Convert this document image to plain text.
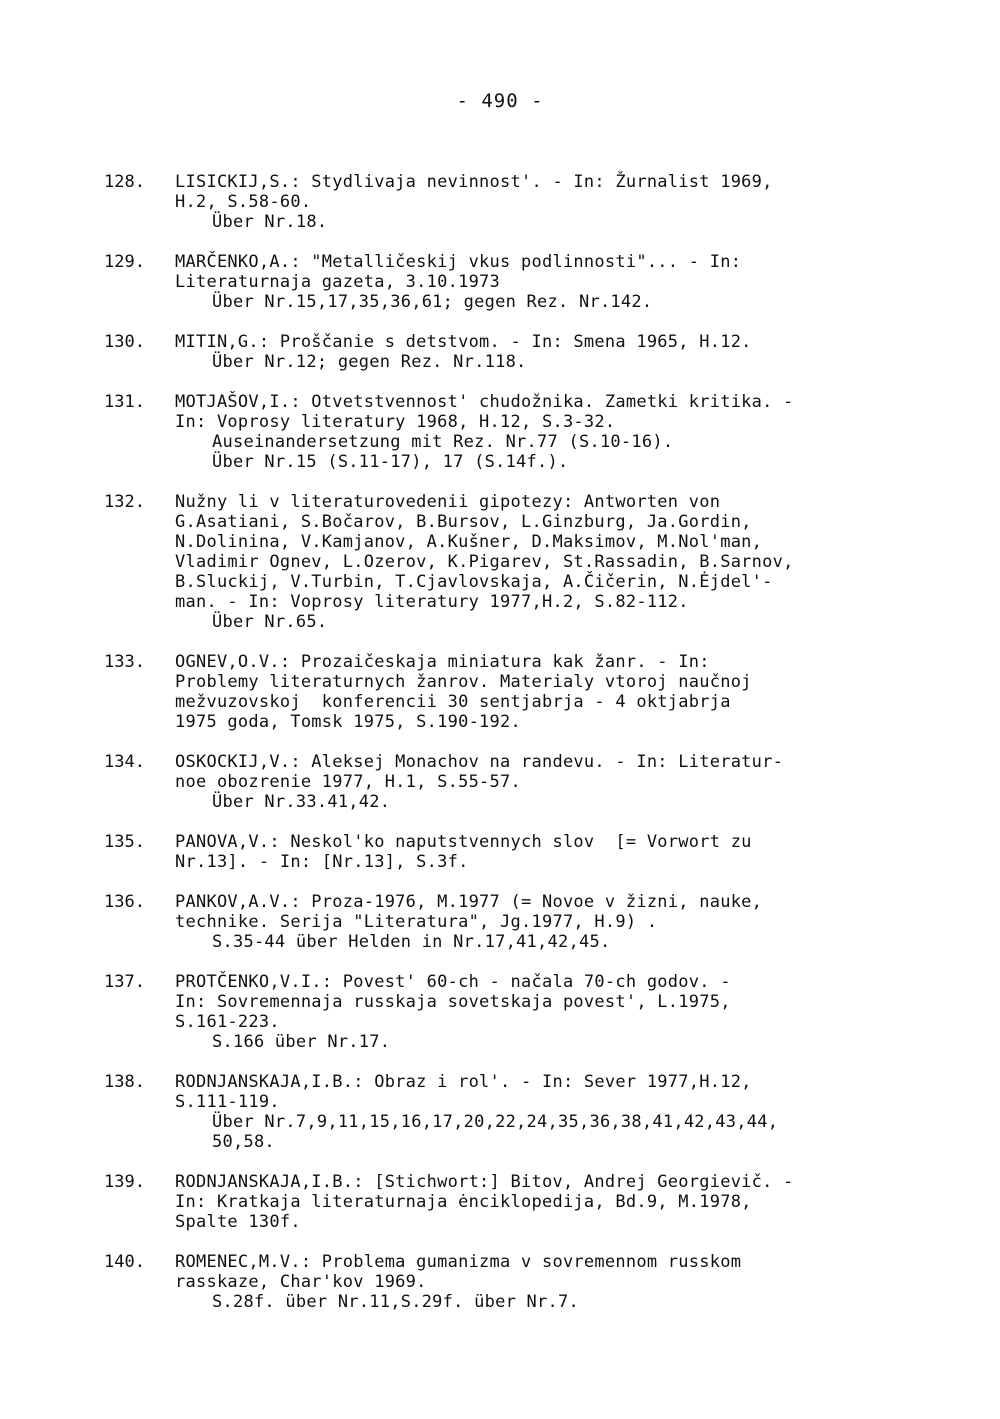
- 490 -
128. LISICKIJ,S.: Stydlivaja nevinnost'. - In: Žurnalist 1969,
H.2, S.58-60.
Über Nr.18.
129. MARČENKO,A.: "Metalličeskij vkus podlinnosti"... - In:
Literaturnaja gazeta, 3.10.1973
Über Nr.15,17,35,36,61; gegen Rez. Nr.142.
130. MITIN,G.: Proščanie s detstvom. - In: Smena 1965, H.12.
Über Nr.12; gegen Rez. Nr.118.
131. MOTJAŠOV,I.: Otvetstvennost' chudožnika. Zametki kritika. -
In: Voprosy literatury 1968, H.12, S.3-32.
Auseinandersetzung mit Rez. Nr.77 (S.10-16).
Über Nr.15 (S.11-17), 17 (S.14f.).
132. Nužny li v literaturovedenii gipotezy: Antworten von
G.Asatiani, S.Bočarov, B.Bursov, L.Ginzburg, Ja.Gordin,
N.Dolinina, V.Kamjanov, A.Kušner, D.Maksimov, M.Nol'man,
Vladimir Ognev, L.Ozerov, K.Pigarev, St.Rassadin, B.Sarnov,
B.Sluckij, V.Turbin, T.Cjavlovskaja, A.Čičerin, N.Ėjdel'-
man. - In: Voprosy literatury 1977,H.2, S.82-112.
Über Nr.65.
133. OGNEV,O.V.: Prozaičeskaja miniatura kak žanr. - In:
Problemy literaturnych žanrov. Materialy vtoroj naučnoj
mežvuzovskoj  konferencii 30 sentjabrja - 4 oktjabrja
1975 goda, Tomsk 1975, S.190-192.
134. OSKOCKIJ,V.: Aleksej Monachov na randevu. - In: Literatur-
noe obozrenie 1977, H.1, S.55-57.
Über Nr.33.41,42.
135. PANOVA,V.: Neskol'ko naputstvennych slov  [= Vorwort zu
Nr.13]. - In: [Nr.13], S.3f.
136. PANKOV,A.V.: Proza-1976, M.1977 (= Novoe v žizni, nauke,
technike. Serija "Literatura", Jg.1977, H.9) .
S.35-44 über Helden in Nr.17,41,42,45.
137. PROTČENKO,V.I.: Povest' 60-ch - načala 70-ch godov. -
In: Sovremennaja russkaja sovetskaja povest', L.1975,
S.161-223.
S.166 über Nr.17.
138. RODNJANSKAJA,I.B.: Obraz i rol'. - In: Sever 1977,H.12,
S.111-119.
Über Nr.7,9,11,15,16,17,20,22,24,35,36,38,41,42,43,44,
50,58.
139. RODNJANSKAJA,I.B.: [Stichwort:] Bitov, Andrej Georgievič. -
In: Kratkaja literaturnaja ėnciklopedija, Bd.9, M.1978,
Spalte 130f.
140. ROMENEC,M.V.: Problema gumanizma v sovremennom russkom
rasskaze, Char'kov 1969.
S.28f. über Nr.11,S.29f. über Nr.7.
